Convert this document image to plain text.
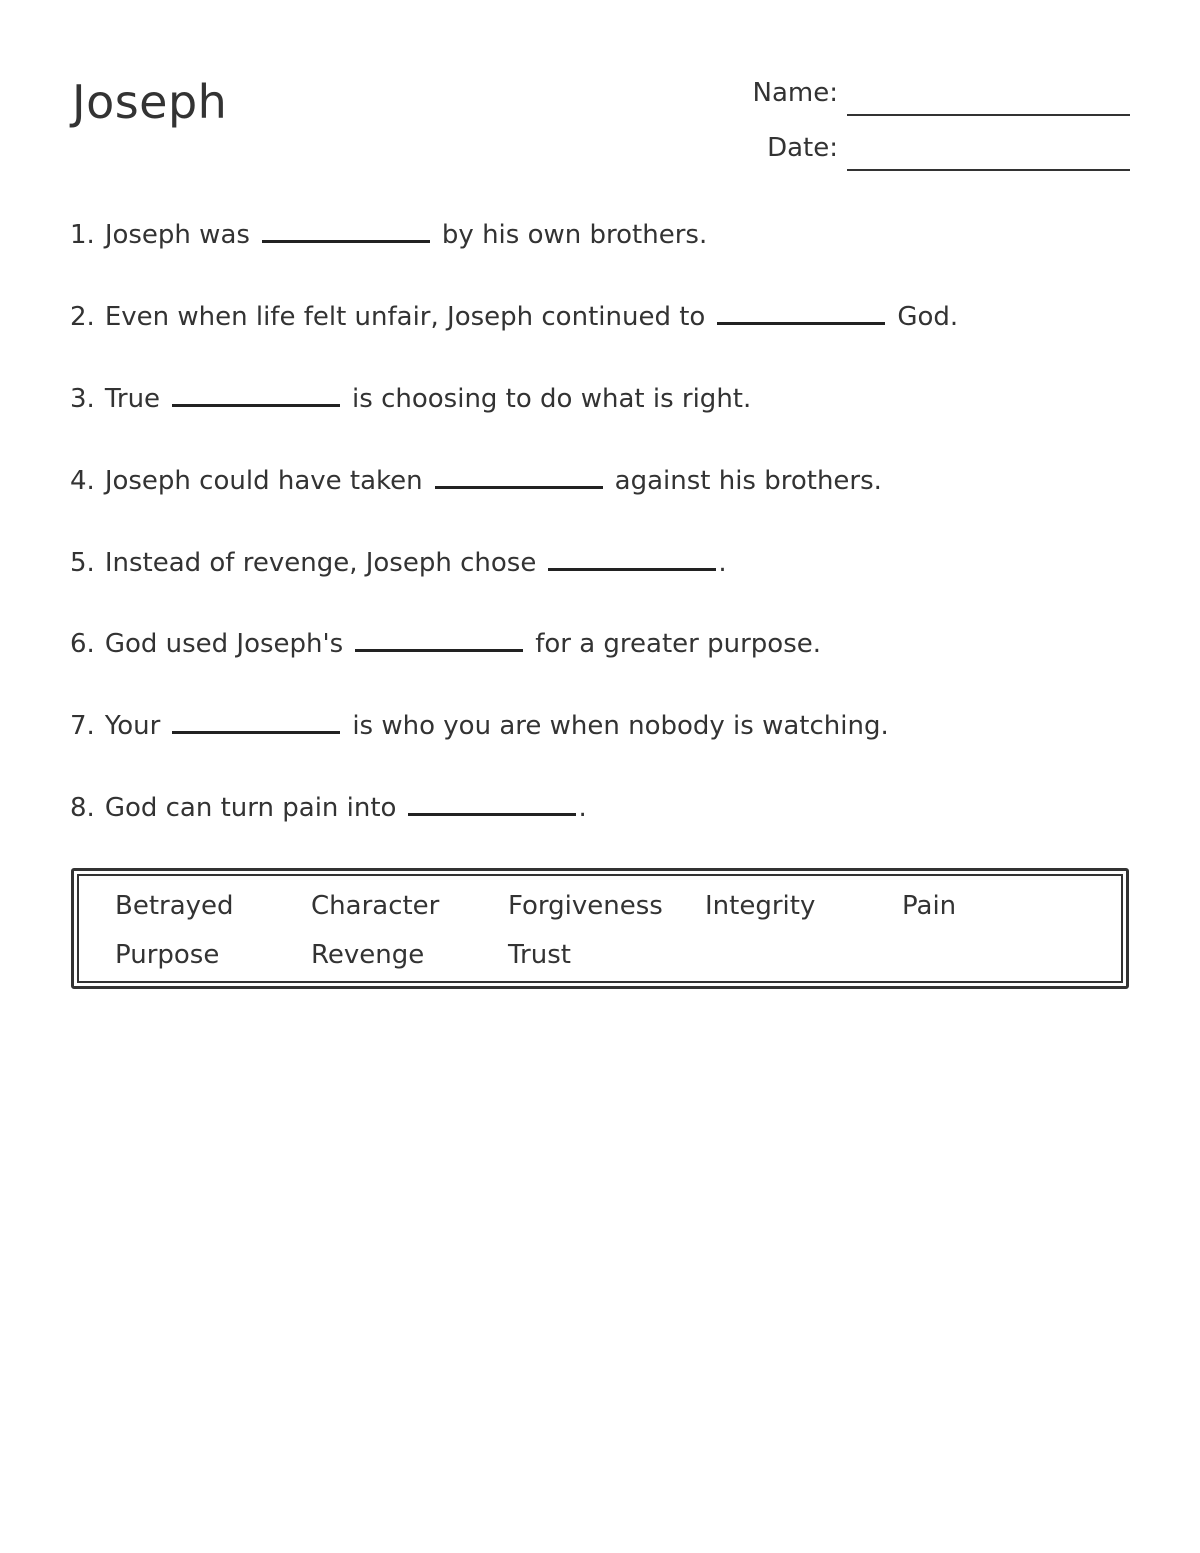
Joseph	Name:
Date:
1. Joseph was	by his own brothers.
2. Even when life felt unfair, Joseph continued to	God.
3. True	is choosing to do what is right.
4. Joseph could have taken	against his brothers.
5. Instead of revenge, Joseph chose	.
6. God used Joseph's	for a greater purpose.
7. Your	is who you are when nobody is watching.
8. God can turn pain into	.
Betrayed	Character	Forgiveness Integrity	Pain
Purpose	Revenge	Trust
